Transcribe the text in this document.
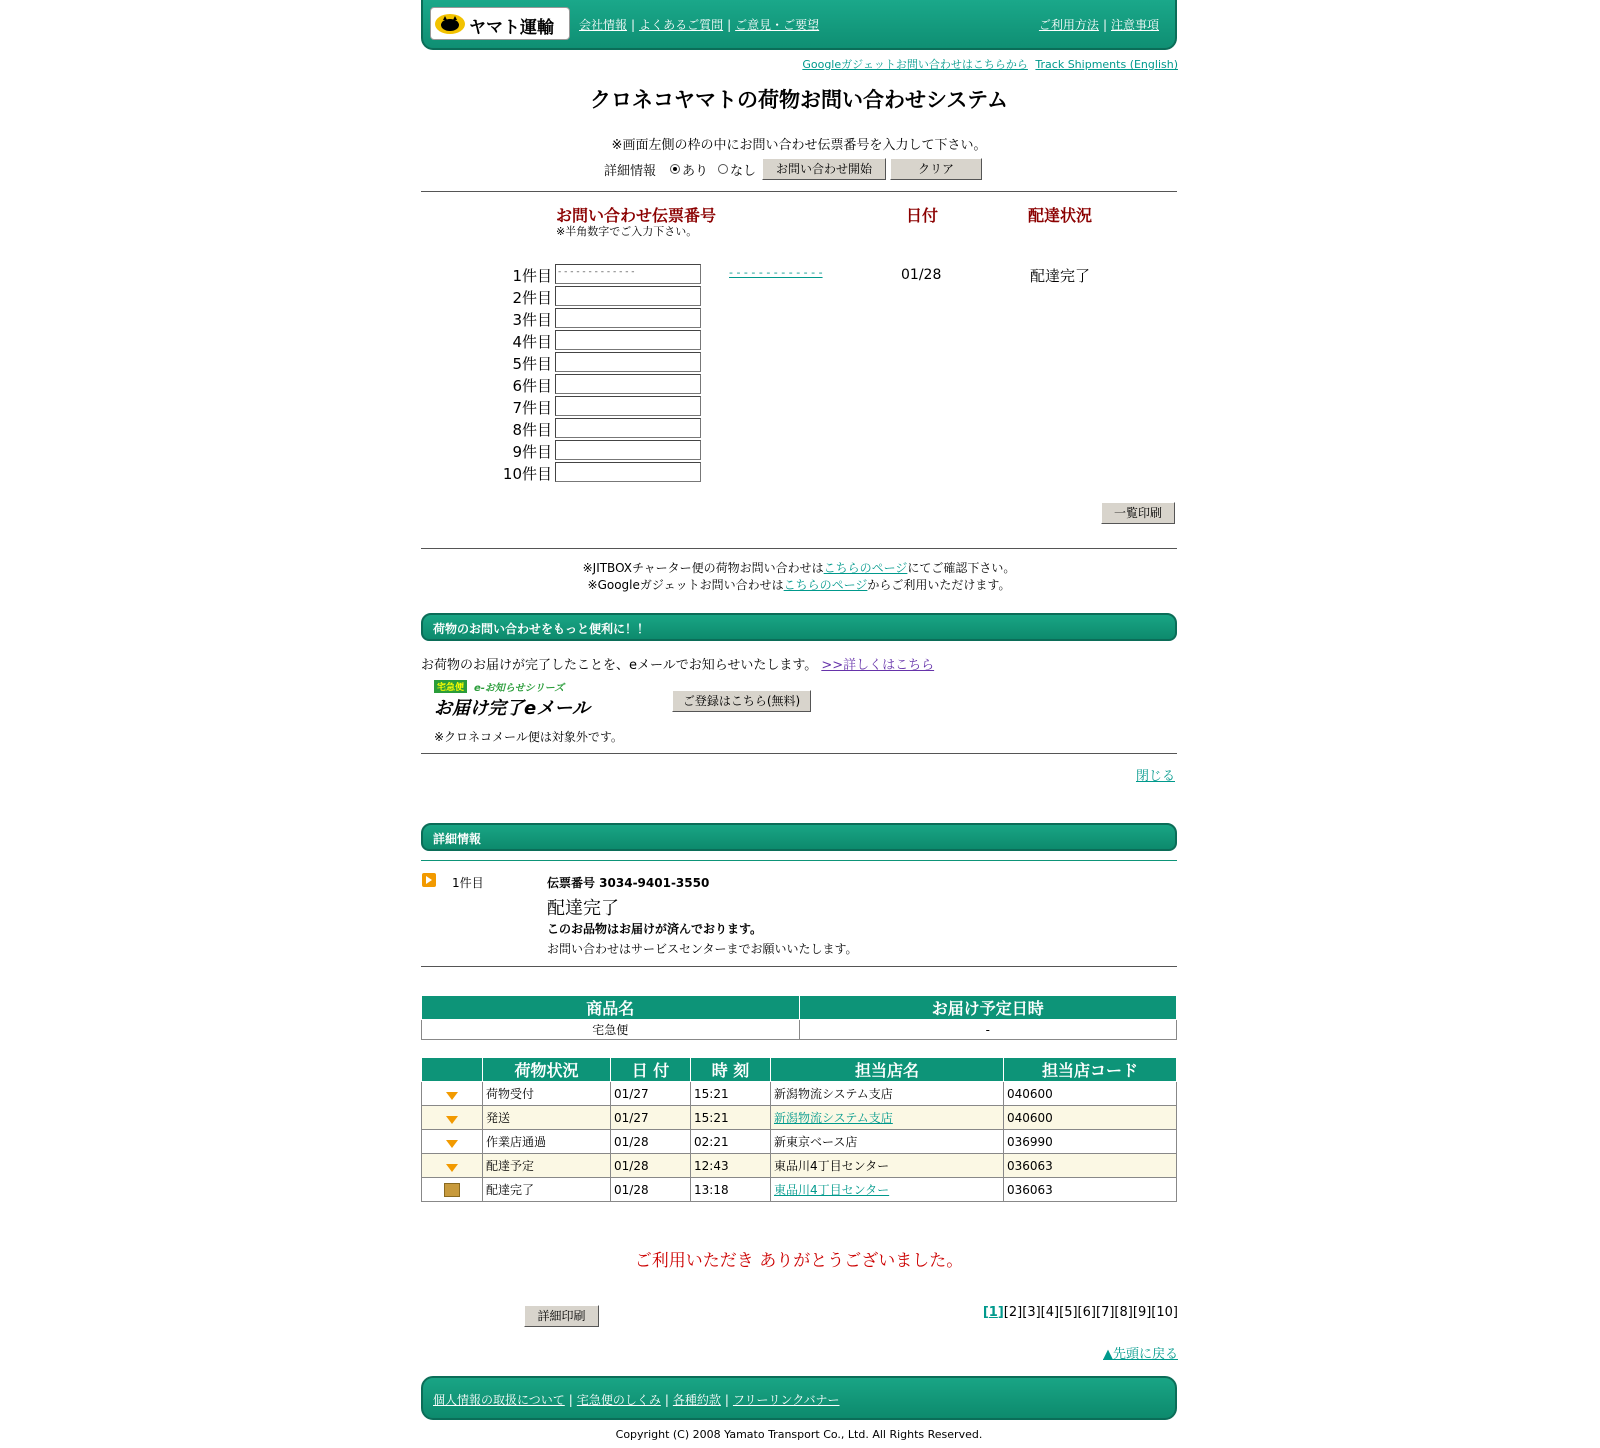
ヤマト運輸 会社情報 | よくあるご質問 | ご意見・ご要望	ご利用方法 | 注意事項
Googleガジェットお問い合わせはこちらから Track Shipments (English)
クロネコヤマトの荷物お問い合わせシステム
※画面左側の枠の中にお問い合わせ伝票番号を入力して下さい。
詳細情報 あり なし	お問い合わせ開始	クリア
お問い合わせ伝票番号
※半角数字でご入力下さい。
日付	配達状況
1件目 - - - - - - - - - - - - -	- - - - - - - - - - - - -	01/28	配達完了
2件目
3件目
4件目
5件目
6件目
7件目
8件目
9件目
10件目
一覧印刷
※JITBOXチャーター便の荷物お問い合わせはこちらのページにてご確認下さい。
※Googleガジェットお問い合わせはこちらのページからご利用いただけます。
荷物のお問い合わせをもっと便利に！！
お荷物のお届けが完了したことを、eメールでお知らせいたします。 >>詳しくはこちら
宅急便 e-お知らせシリーズ
お届け完了eメール	ご登録はこちら(無料)
※クロネコメール便は対象外です。
閉じる
詳細情報
1件目	伝票番号 3034-9401-3550
配達完了
このお品物はお届けが済んでおります。
お問い合わせはサービスセンターまでお願いいたします。
商品名	お届け予定日時
宅急便	-
	荷物状況	日 付	時 刻	担当店名	担当店コード
	荷物受付	01/27	15:21	新潟物流システム支店	040600
	発送	01/27	15:21	新潟物流システム支店	040600
	作業店通過	01/28	02:21	新東京ベース店	036990
	配達予定	01/28	12:43	東品川4丁目センター	036063
	配達完了	01/28	13:18	東品川4丁目センター	036063
ご利用いただき ありがとうございました。
詳細印刷	[1][2][3][4][5][6][7][8][9][10]
▲先頭に戻る
個人情報の取扱について | 宅急便のしくみ | 各種約款 | フリーリンクバナー
Copyright (C) 2008 Yamato Transport Co., Ltd. All Rights Reserved.
